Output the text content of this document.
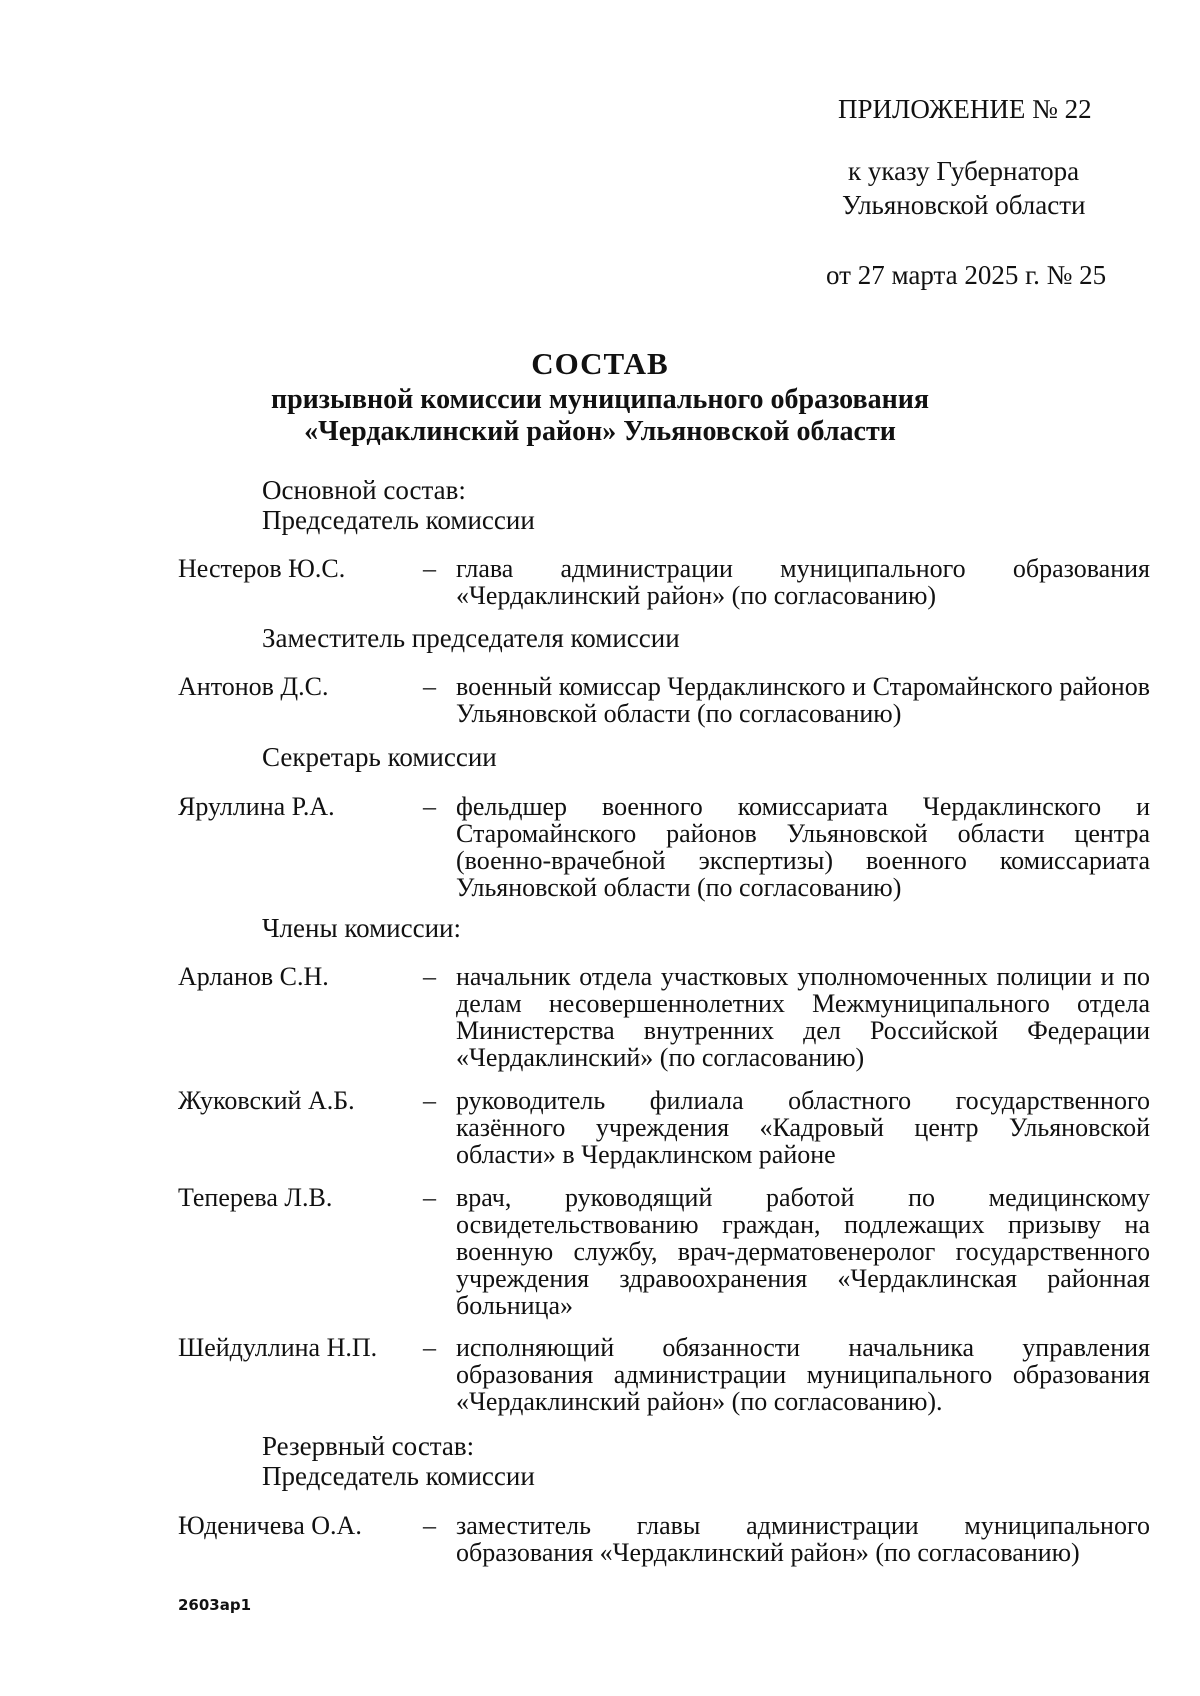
ПРИЛОЖЕНИЕ № 22
к указу Губернатора
Ульяновской области
от 27 марта 2025 г. № 25
СОСТАВ
призывной комиссии муниципального образования
«Чердаклинский район» Ульяновской области
Основной состав:
Председатель комиссии
Нестеров Ю.С.	– глава администрации муниципального образования «Чердаклинский район» (по согласованию)
Заместитель председателя комиссии
Антонов Д.С.	– военный комиссар Чердаклинского и Старомайнского районов Ульяновской области (по согласованию)
Секретарь комиссии
Яруллина Р.А.	– фельдшер военного комиссариата Чердаклинского и Старомайнского районов Ульяновской области центра (военно-врачебной экспертизы) военного комиссариата Ульяновской области (по согласованию)
Члены комиссии:
Арланов С.Н.	– начальник отдела участковых уполномоченных полиции и по делам несовершеннолетних Межмуниципального отдела Министерства внутренних дел Российской Федерации «Чердаклинский» (по согласованию)
Жуковский А.Б.	– руководитель филиала областного государственного казённого учреждения «Кадровый центр Ульяновской области» в Чердаклинском районе
Теперева Л.В.	– врач, руководящий работой по медицинскому освидетельствованию граждан, подлежащих призыву на военную службу, врач-дерматовенеролог государственного учреждения здравоохранения «Чердаклинская районная больница»
Шейдуллина Н.П. – исполняющий обязанности начальника управления образования администрации муниципального образования «Чердаклинский район» (по согласованию).
Резервный состав:
Председатель комиссии
Юденичева О.А. – заместитель главы администрации муниципального образования «Чердаклинский район» (по согласованию)
2603ар1
